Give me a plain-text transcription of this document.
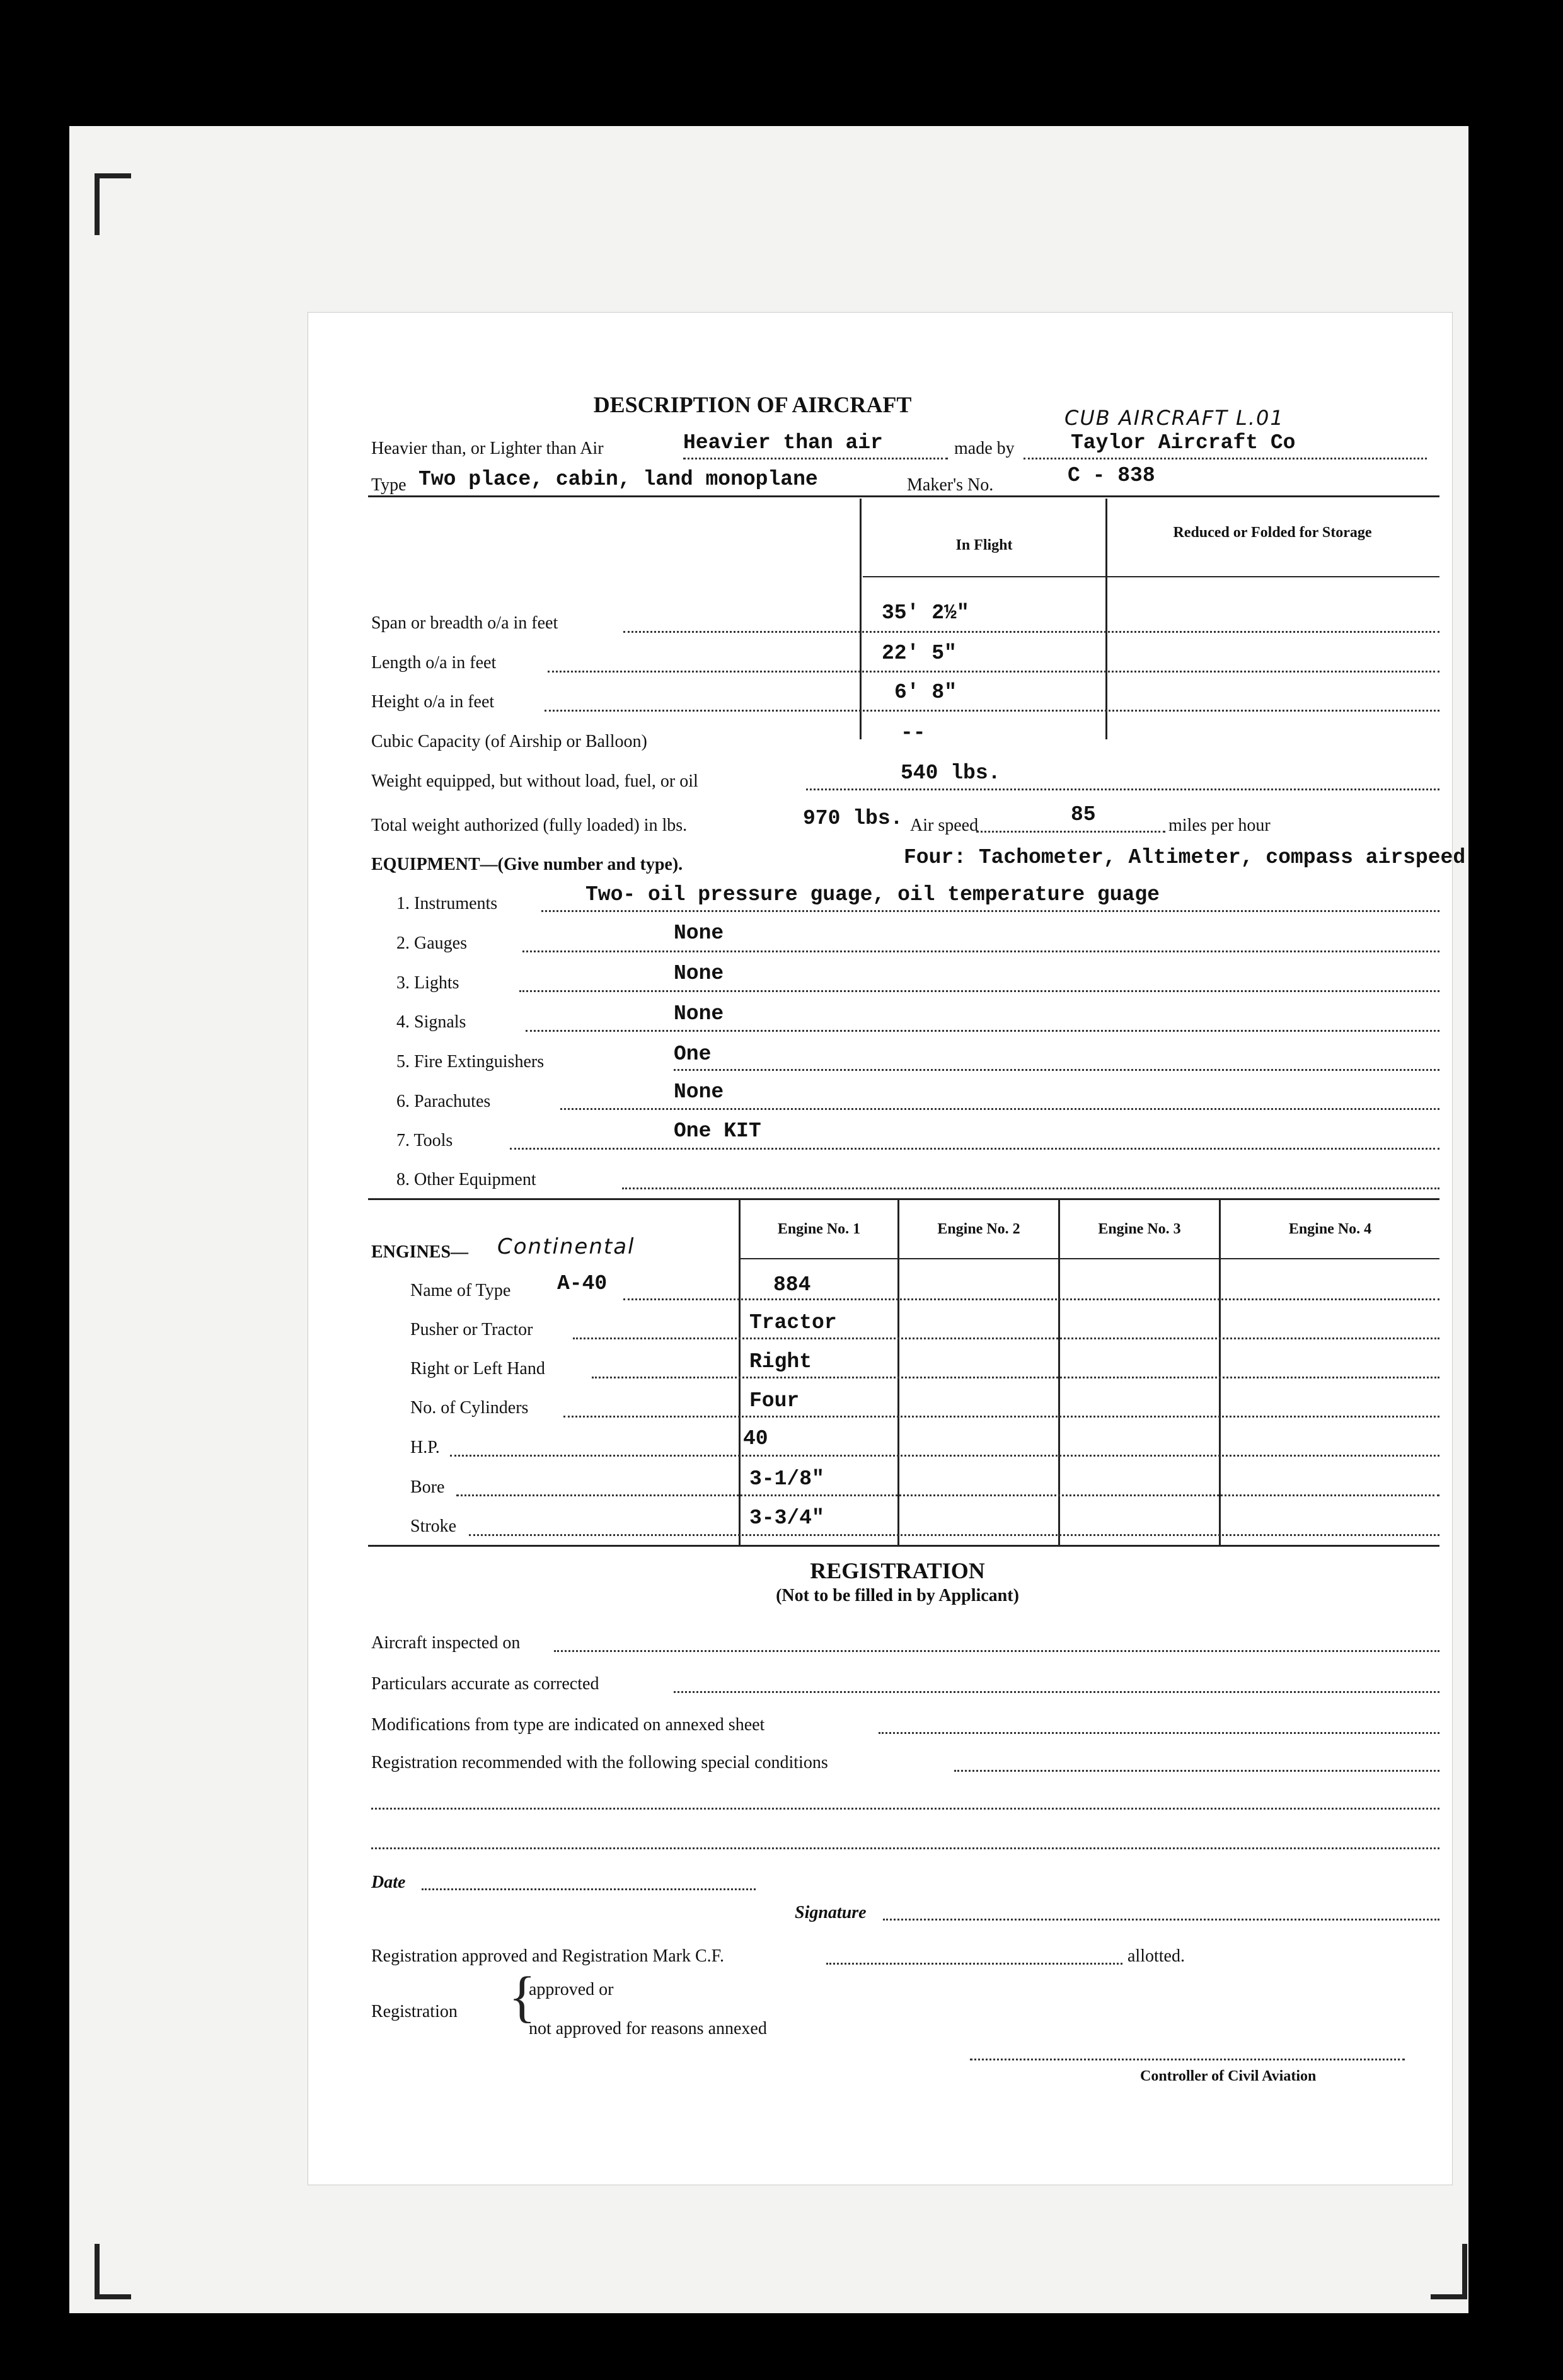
DESCRIPTION OF AIRCRAFT
CUB AIRCRAFT L.01
Heavier than, or Lighter than Air	Heavier than air	made by	Taylor Aircraft Co
Type Two place, cabin, land monoplane	Maker's No.	C - 838
In Flight
Reduced or Folded for Storage
Span or breadth o/a in feet	35' 2½"
Length o/a in feet	22' 5"
Height o/a in feet	6' 8"
Cubic Capacity (of Airship or Balloon)	--
Weight equipped, but without load, fuel, or oil	540 lbs.
Total weight authorized (fully loaded) in lbs.	970 lbs. Air speed	85	miles per hour
EQUIPMENT—(Give number and type).	Four: Tachometer, Altimeter, compass airspeed
1. Instruments	Two- oil pressure guage, oil temperature guage
2. Gauges	None
3. Lights	None
4. Signals	None
5. Fire Extinguishers	One
6. Parachutes	None
7. Tools	One KIT
8. Other Equipment
Engine No. 1	Engine No. 2	Engine No. 3	Engine No. 4
ENGINES— Continental
Name of Type A-40	884
Pusher or Tractor	Tractor
Right or Left Hand	Right
No. of Cylinders	Four
H.P.	40
Bore	3-1/8"
Stroke	3-3/4"
REGISTRATION
(Not to be filled in by Applicant)
Aircraft inspected on
Particulars accurate as corrected
Modifications from type are indicated on annexed sheet
Registration recommended with the following special conditions
Date
Signature
Registration approved and Registration Mark C.F.	allotted.
Registration {
approved or
not approved for reasons annexed
Controller of Civil Aviation
